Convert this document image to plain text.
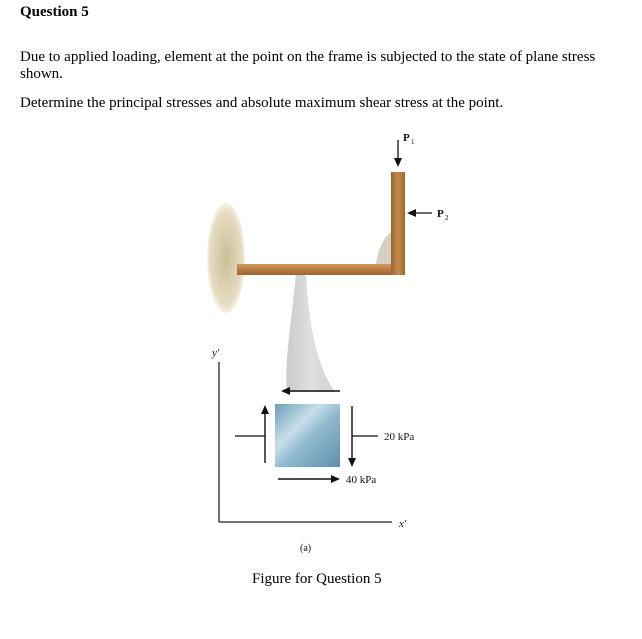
Question 5
Due to applied loading, element at the point on the frame is subjected to the state of plane stress shown.
Determine the principal stresses and absolute maximum shear stress at the point.
P 1
P 2
y′
x′
20 kPa
40 kPa
(a)
Figure for Question 5
